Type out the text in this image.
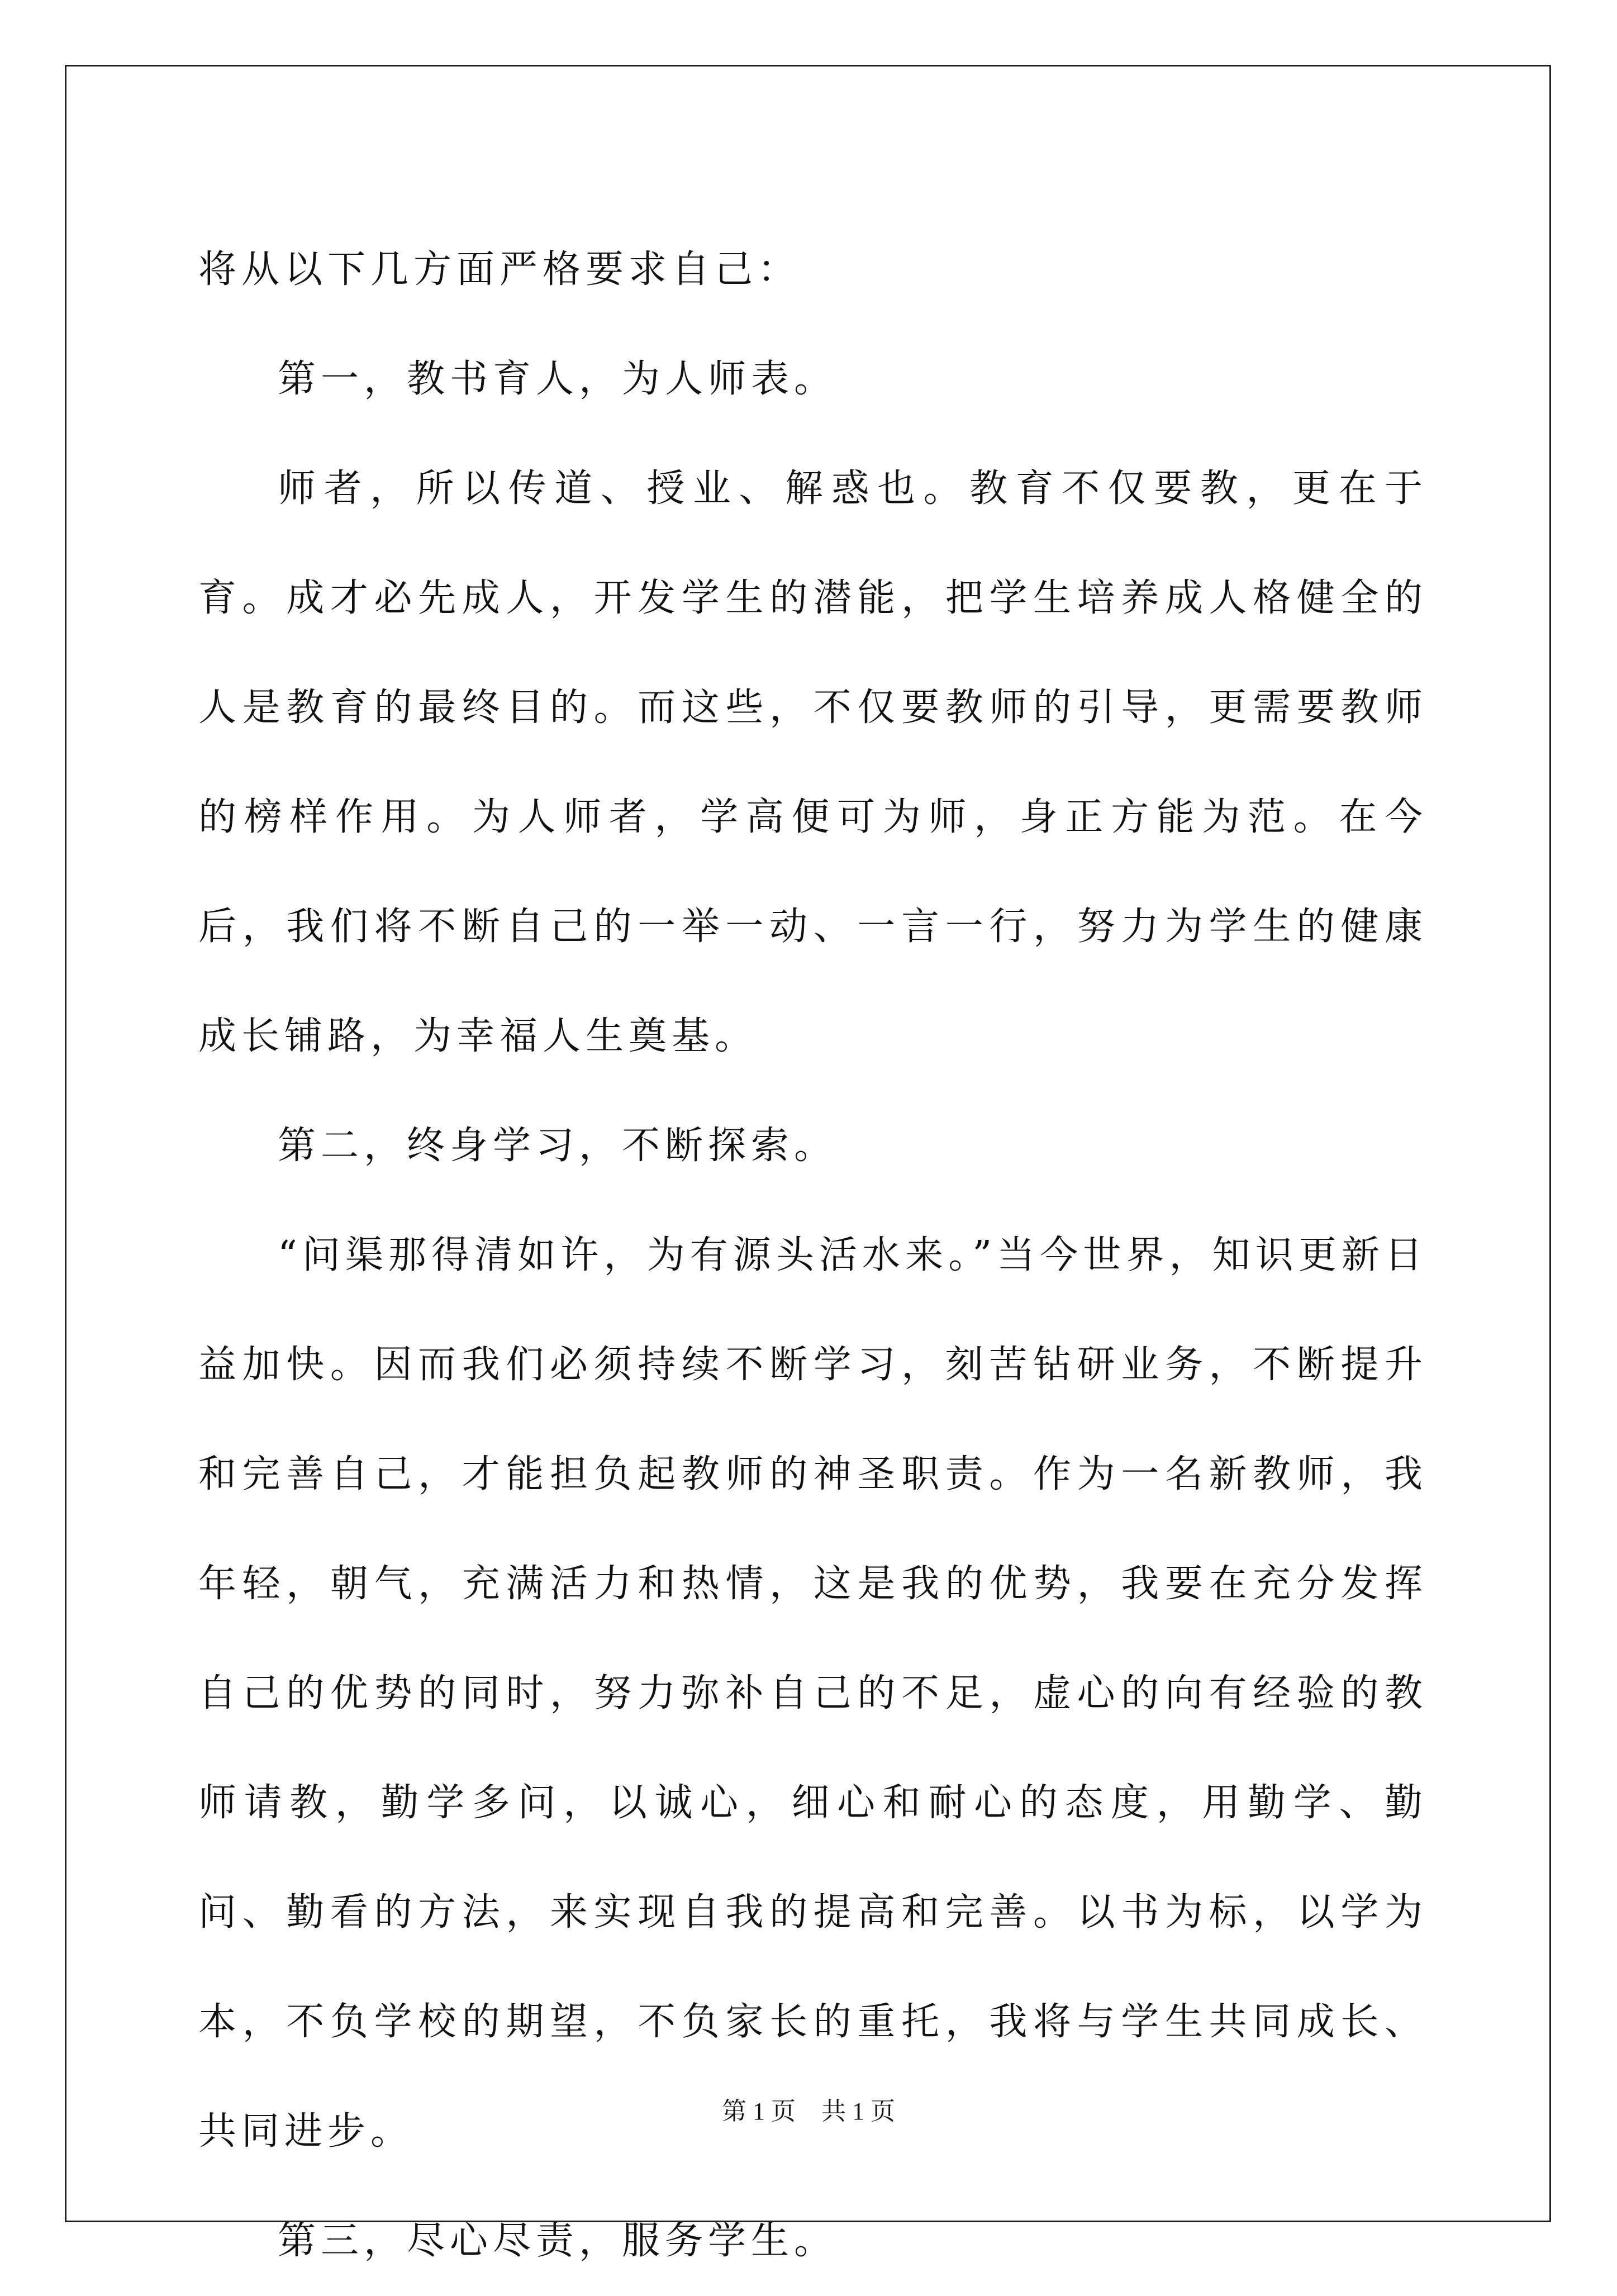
将从以下几方面严格要求自己：

第一，教书育人，为人师表。

师者，所以传道、授业、解惑也。教育不仅要教，更在于育。成才必先成人，开发学生的潜能，把学生培养成人格健全的人是教育的最终目的。而这些，不仅要教师的引导，更需要教师的榜样作用。为人师者，学高便可为师，身正方能为范。在今后，我们将不断自己的一举一动、一言一行，努力为学生的健康成长铺路，为幸福人生奠基。

第二，终身学习，不断探索。

“问渠那得清如许，为有源头活水来。”当今世界，知识更新日益加快。因而我们必须持续不断学习，刻苦钻研业务，不断提升和完善自己，才能担负起教师的神圣职责。作为一名新教师，我年轻，朝气，充满活力和热情，这是我的优势，我要在充分发挥自己的优势的同时，努力弥补自己的不足，虚心的向有经验的教师请教，勤学多问，以诚心，细心和耐心的态度，用勤学、勤问、勤看的方法，来实现自我的提高和完善。以书为标，以学为本，不负学校的期望，不负家长的重托，我将与学生共同成长、共同进步。

第三，尽心尽责，服务学生。

第 1 页 共 1 页
